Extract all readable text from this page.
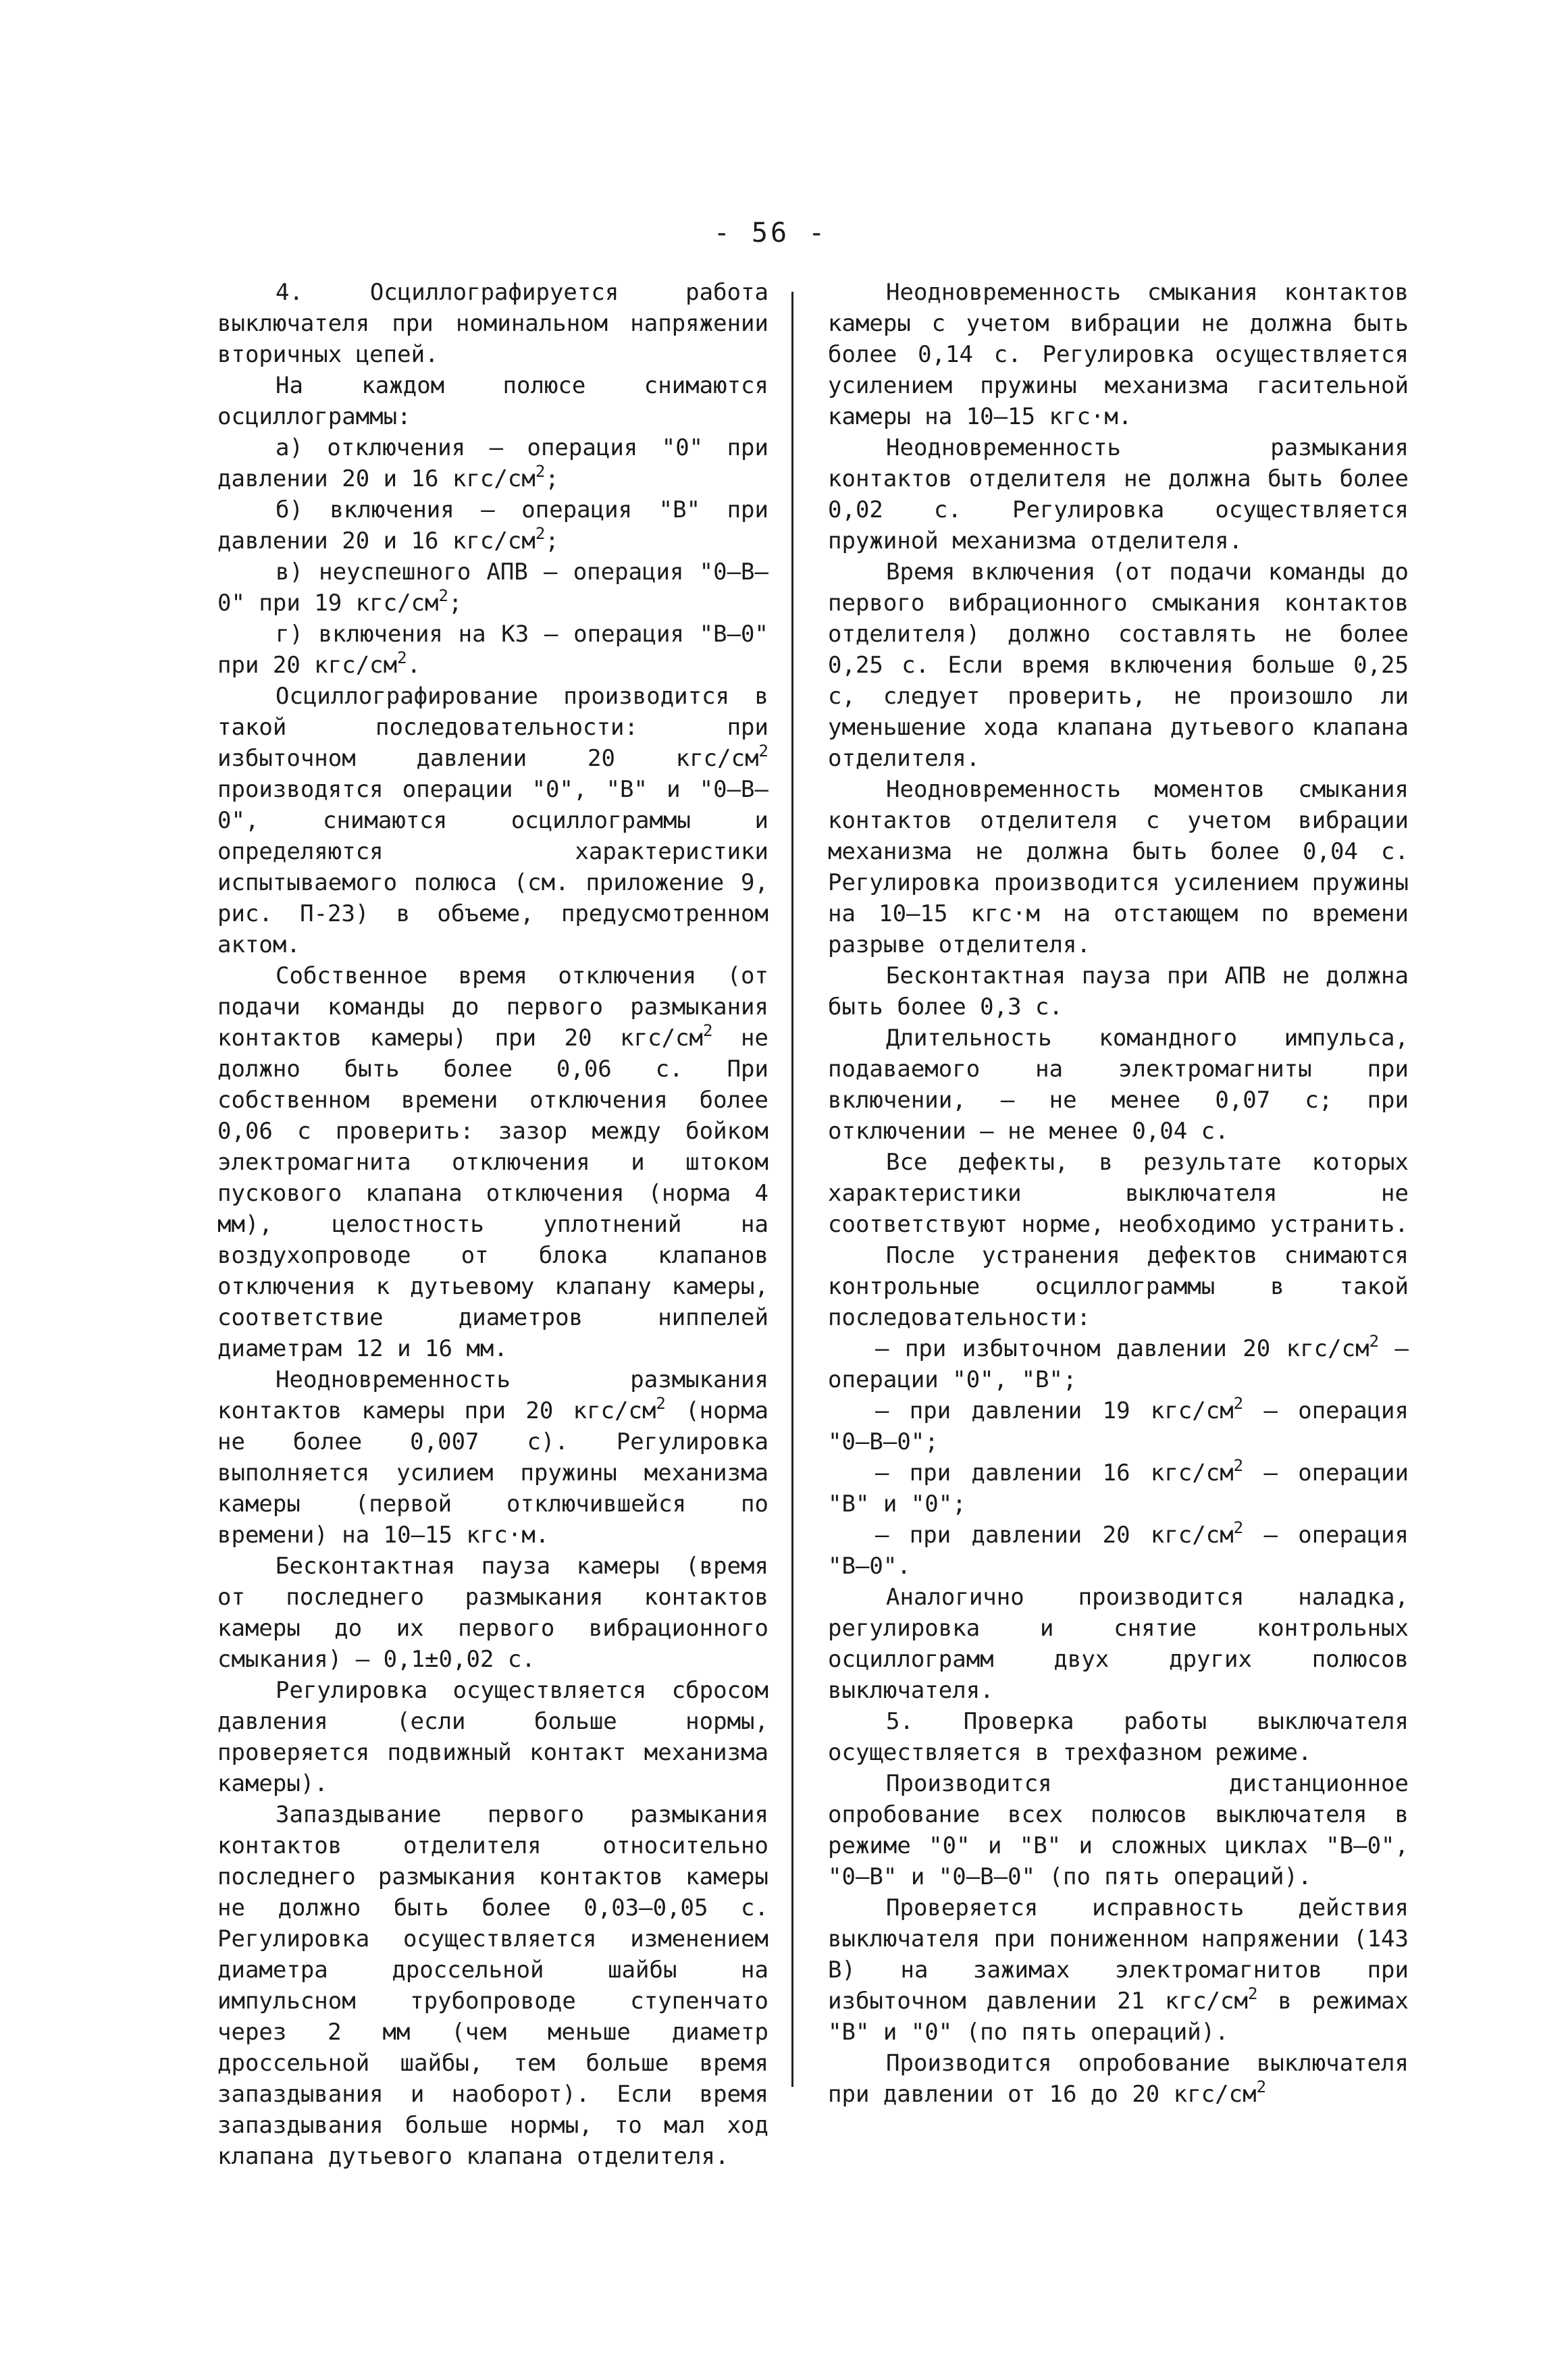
- 56 -

4. Осциллографируется работа выключателя при номинальном напряжении вторичных цепей.

На каждом полюсе снимаются осциллограммы:

а) отключения — операция "0" при давлении 20 и 16 кгс/$см^2$;

б) включения — операция "В" при давлении 20 и 16 кгс/$см^2$;

в) неуспешного АПВ — операция "0–В–0" при 19 кгс/$см^2$;

г) включения на КЗ — операция "В–0" при 20 кгс/$см^2$.

Осциллографирование производится в такой последовательности: при избыточном давлении 20 кгс/$см^2$ производятся операции "0", "В" и "0–В–0", снимаются осциллограммы и определяются характеристики испытываемого полюса (см. приложение 9, рис. П-23) в объеме, предусмотренном актом.

Собственное время отключения (от подачи команды до первого размыкания контактов камеры) при 20 кгс/$см^2$ не должно быть более 0,06 с. При собственном времени отключения более 0,06 с проверить: зазор между бойком электромагнита отключения и штоком пускового клапана отключения (норма 4 мм), целостность уплотнений на воздухопроводе от блока клапанов отключения к дутьевому клапану камеры, соответствие диаметров ниппелей диаметрам 12 и 16 мм.

Неодновременность размыкания контактов камеры при 20 кгс/$см^2$ (норма не более 0,007 с). Регулировка выполняется усилием пружины механизма камеры (первой отключившейся по времени) на 10–15 кгс·м.

Бесконтактная пауза камеры (время от последнего размыкания контактов камеры до их первого вибрационного смыкания) — 0,1±0,02 с.

Регулировка осуществляется сбросом давления (если больше нормы, проверяется подвижный контакт механизма камеры).

Запаздывание первого размыкания контактов отделителя относительно последнего размыкания контактов камеры не должно быть более 0,03–0,05 с. Регулировка осуществляется изменением диаметра дроссельной шайбы на импульсном трубопроводе ступенчато через 2 мм (чем меньше диаметр дроссельной шайбы, тем больше время запаздывания и наоборот). Если время запаздывания больше нормы, то мал ход клапана дутьевого клапана отделителя.

Неодновременность смыкания контактов камеры с учетом вибрации не должна быть более 0,14 с. Регулировка осуществляется усилением пружины механизма гасительной камеры на 10–15 кгс·м.

Неодновременность размыкания контактов отделителя не должна быть более 0,02 с. Регулировка осуществляется пружиной механизма отделителя.

Время включения (от подачи команды до первого вибрационного смыкания контактов отделителя) должно составлять не более 0,25 с. Если время включения больше 0,25 с, следует проверить, не произошло ли уменьшение хода клапана дутьевого клапана отделителя.

Неодновременность моментов смыкания контактов отделителя с учетом вибрации механизма не должна быть более 0,04 с. Регулировка производится усилением пружины на 10–15 кгс·м на отстающем по времени разрыве отделителя.

Бесконтактная пауза при АПВ не должна быть более 0,3 с.

Длительность командного импульса, подаваемого на электромагниты при включении, — не менее 0,07 с; при отключении — не менее 0,04 с.

Все дефекты, в результате которых характеристики выключателя не соответствуют норме, необходимо устранить.

После устранения дефектов снимаются контрольные осциллограммы в такой последовательности:

– при избыточном давлении 20 кгс/$см^2$ – операции "0", "В";

– при давлении 19 кгс/$см^2$ – операция "0–В–0";

– при давлении 16 кгс/$см^2$ — операции "В" и "0";

– при давлении 20 кгс/$см^2$ — операция "В–0".

Аналогично производится наладка, регулировка и снятие контрольных осциллограмм двух других полюсов выключателя.

5. Проверка работы выключателя осуществляется в трехфазном режиме.

Производится дистанционное опробование всех полюсов выключателя в режиме "0" и "В" и сложных циклах "В–0", "0–В" и "0–В–0" (по пять операций).

Проверяется исправность действия выключателя при пониженном напряжении (143 В) на зажимах электромагнитов при избыточном давлении 21 кгс/$см^2$ в режимах "В" и "0" (по пять операций).

Производится опробование выключателя при давлении от 16 до 20 кгс/$см^2$
